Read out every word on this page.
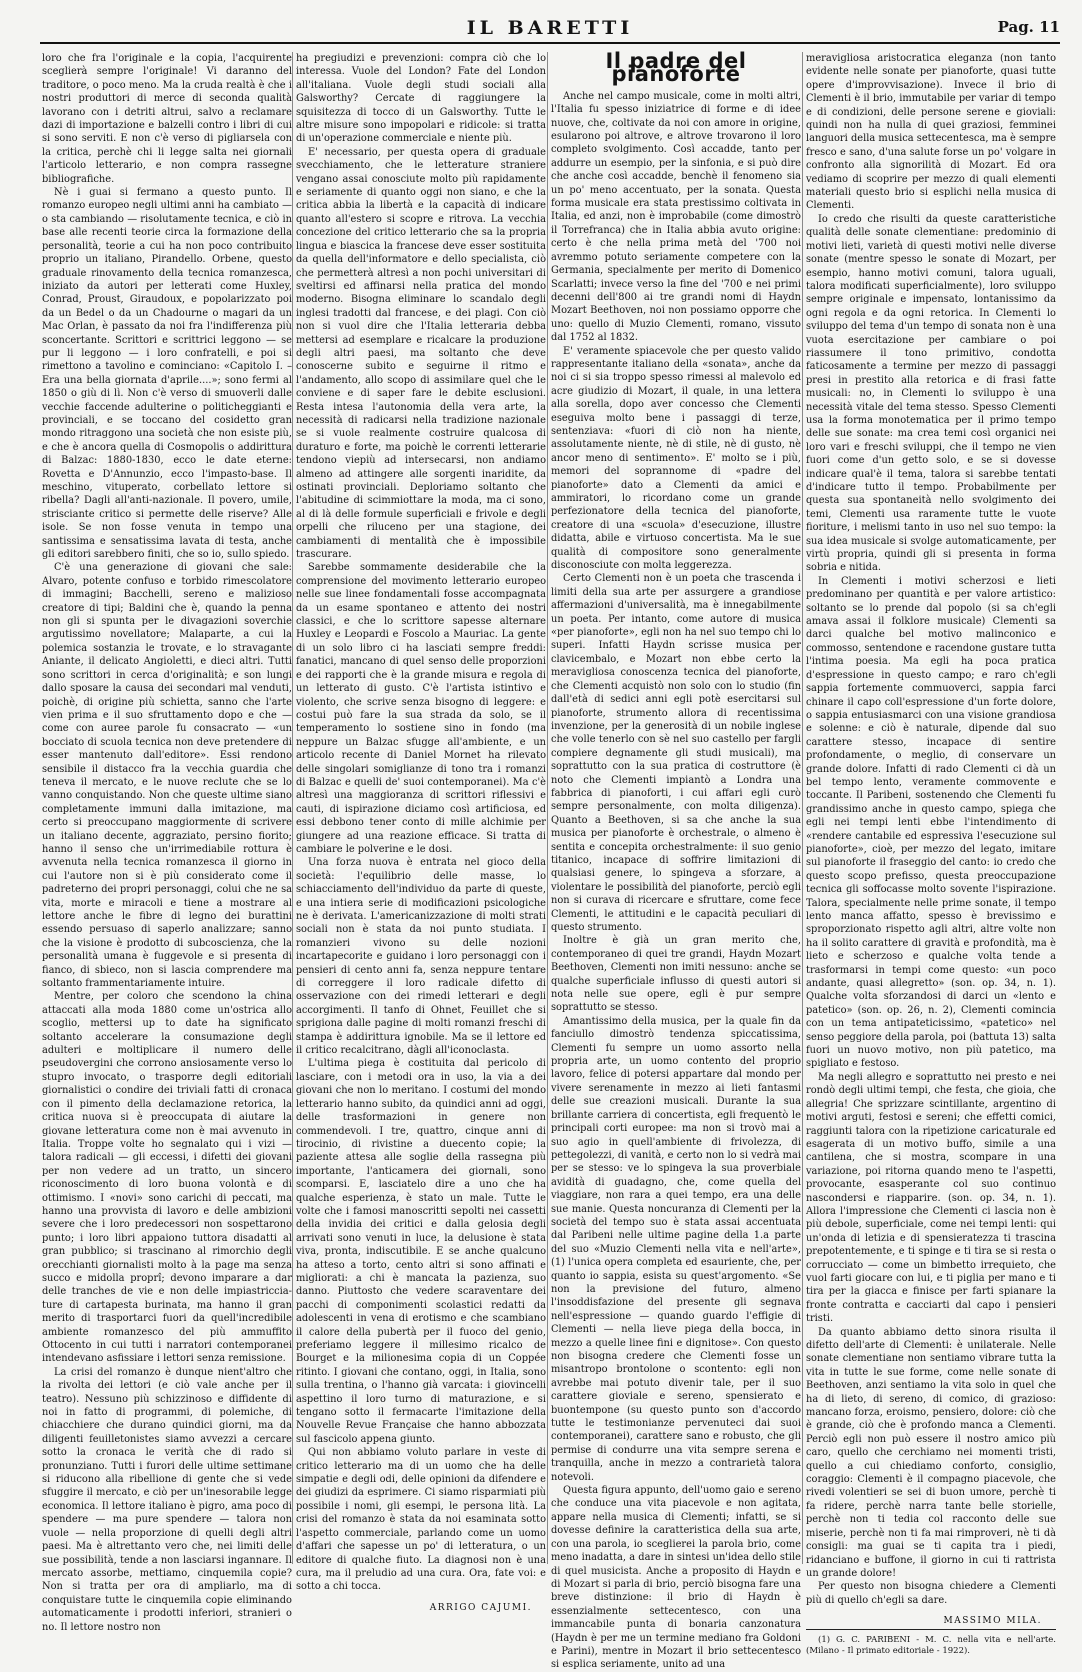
IL BARETTI	Pag. 11

loro che fra l'originale e la copia, l'acquirente sceglierà sempre l'originale! Vi daranno del traditore, o poco meno. Ma la cruda realtà è che i nostri produttori di merce di seconda qualità lavorano con i detriti altrui, salvo a reclamare dazi di importazione e balzelli contro i libri di cui si sono serviti. E non c'è verso di pigliarsela con la critica, perchè chi li legge salta nei giornali l'articolo letterario, e non compra rassegne bibliografiche.

Nè i guai si fermano a questo punto. Il romanzo europeo negli ultimi anni ha cambiato — o sta cambiando — risolutamente tecnica, e ciò in base alle recenti teorie circa la formazione della personalità, teorie a cui ha non poco contribuito proprio un italiano, Pirandello. Orbene, questo graduale rinovamento della tecnica romanzesca, iniziato da autori per letterati come Huxley, Conrad, Proust, Giraudoux, e popolarizzato poi da un Bedel o da un Chadourne o magari da un Mac Orlan, è passato da noi fra l'indifferenza più sconcertante. Scrittori e scrittrici leggono — se pur li leggono — i loro confratelli, e poi si rimettono a tavolino e cominciano: «Capitolo I. – Era una bella giornata d'aprile....»; sono fermi al 1850 o giù di lì. Non c'è verso di smuoverli dalle vecchie faccende adulterine o politicheggianti e provinciali, e se toccano del cosidetto gran mondo ritraggono una società che non esiste più, e che è ancora quella di Cosmopolis o addirittura di Balzac: 1880-1830, ecco le date eterne: Rovetta e D'Annunzio, ecco l'impasto-base. Il meschino, vituperato, corbellato lettore si ribella? Dagli all'anti-nazionale. Il povero, umile, strisciante critico si permette delle riserve? Alle isole. Se non fosse venuta in tempo una santissima e sensatissima lavata di testa, anche gli editori sarebbero finiti, che so io, sullo spiedo.

C'è una generazione di giovani che sale: Alvaro, potente confuso e torbido rimescolatore di immagini; Bacchelli, sereno e malizioso creatore di tipi; Baldini che è, quando la penna non gli si spunta per le divagazioni soverchie argutissimo novellatore; Malaparte, a cui la polemica sostanzia le trovate, e lo stravagante Aniante, il delicato Angioletti, e dieci altri. Tutti sono scrittori in cerca d'originalità; e son lungi dallo sposare la causa dei secondari mal venduti, poichè, di origine più schietta, sanno che l'arte vien prima e il suo sfruttamento dopo e che — come con auree parole fu consacrato — «un bocciato di scuola tecnica non deve pretendere di esser mantenuto dall'editore». Essi rendono sensibile il distacco fra la vecchia guardia che teneva il mercato, e le nuove reclute che se lo vanno conquistando. Non che queste ultime siano completamente immuni dalla imitazione, ma certo si preoccupano maggiormente di scrivere un italiano decente, aggraziato, persino fiorito; hanno il senso che un'irrimediabile rottura è avvenuta nella tecnica romanzesca il giorno in cui l'autore non si è più considerato come il padreterno dei propri personaggi, colui che ne sa vita, morte e miracoli e tiene a mostrare al lettore anche le fibre di legno dei burattini essendo persuaso di saperlo analizzare; sanno che la visione è prodotto di subcoscienza, che la personalità umana è fuggevole e si presenta di fianco, di sbieco, non si lascia comprendere ma soltanto frammentariamente intuire.

Mentre, per coloro che scendono la china attaccati alla moda 1880 come un'ostrica allo scoglio, mettersi up to date ha significato soltanto accelerare la consumazione degli adulteri e moltiplicare il numero delle pseudovergini che corrono ansiosamente verso lo stupro invocato, o trasporre degli editoriali giornalistici o condire dei triviali fatti di cronaca con il pimento della declamazione retorica, la critica nuova si è preoccupata di aiutare la giovane letteratura come non è mai avvenuto in Italia. Troppe volte ho segnalato qui i vizi — talora radicali — gli eccessi, i difetti dei giovani per non vedere ad un tratto, un sincero riconoscimento di loro buona volontà e di ottimismo. I «novi» sono carichi di peccati, ma hanno una provvista di lavoro e delle ambizioni severe che i loro predecessori non sospettarono punto; i loro libri appaiono tuttora disadatti al gran pubblico; si trascinano al rimorchio degli orecchianti giornalisti molto à la page ma senza succo e midolla proprî; devono imparare a dar delle tranches de vie e non delle impiastriccia-ture di cartapesta burinata, ma hanno il gran merito di trasportarci fuori da quell'incredibile ambiente romanzesco del più ammuffito Ottocento in cui tutti i narratori contemporanei intendevano asfissiare i lettori senza remissione.

La crisi del romanzo è dunque nient'altro che la rivolta dei lettori (e ciò vale anche per il teatro). Nessuno più schizzinoso e diffidente di noi in fatto di programmi, di polemiche, di chiacchiere che durano quindici giorni, ma da diligenti feuilletonistes siamo avvezzi a cercare sotto la cronaca le verità che di rado si pronunziano. Tutti i furori delle ultime settimane si riducono alla ribellione di gente che si vede sfuggire il mercato, e ciò per un'inesorabile legge economica. Il lettore italiano è pigro, ama poco di spendere — ma pure spendere — talora non vuole — nella proporzione di quelli degli altri paesi. Ma è altrettanto vero che, nei limiti delle sue possibilità, tende a non lasciarsi ingannare. Il mercato assorbe, mettiamo, cinquemila copie? Non si tratta per ora di ampliarlo, ma di conquistare tutte le cinquemila copie eliminando automaticamente i prodotti inferiori, stranieri o no. Il lettore nostro non

ha pregiudizi e prevenzioni: compra ciò che lo interessa. Vuole del London? Fate del London all'italiana. Vuole degli studi sociali alla Galsworthy? Cercate di raggiungere la squisitezza di tocco di un Galsworthy. Tutte le altre misure sono impopolari e ridicole: si tratta di un'operazione commerciale e niente più.

E' necessario, per questa opera di graduale svecchiamento, che le letterature straniere vengano assai conosciute molto più rapidamente e seriamente di quanto oggi non siano, e che la critica abbia la libertà e la capacità di indicare quanto all'estero si scopre e ritrova. La vecchia concezione del critico letterario che sa la propria lingua e biascica la francese deve esser sostituita da quella dell'informatore e dello specialista, ciò che permetterà altresì a non pochi universitari di sveltirsi ed affinarsi nella pratica del mondo moderno. Bisogna eliminare lo scandalo degli inglesi tradotti dal francese, e dei plagi. Con ciò non si vuol dire che l'Italia letteraria debba mettersi ad esemplare e ricalcare la produzione degli altri paesi, ma soltanto che deve conoscerne subito e seguirne il ritmo e l'andamento, allo scopo di assimilare quel che le conviene e di saper fare le debite esclusioni. Resta intesa l'autonomia della vera arte, la necessità di radicarsi nella tradizione nazionale se si vuole realmente costruire qualcosa di duraturo e forte, ma poichè le correnti letterarie tendono viepiù ad intersecarsi, non andiamo almeno ad attingere alle sorgenti inaridite, da ostinati provinciali. Deploriamo soltanto che l'abitudine di scimmiottare la moda, ma ci sono, al di là delle formule superficiali e frivole e degli orpelli che riluceno per una stagione, dei cambiamenti di mentalità che è impossibile trascurare.

Sarebbe sommamente desiderabile che la comprensione del movimento letterario europeo nelle sue linee fondamentali fosse accompagnata da un esame spontaneo e attento dei nostri classici, e che lo scrittore sapesse alternare Huxley e Leopardi e Foscolo a Mauriac. La gente di un solo libro ci ha lasciati sempre freddi: fanatici, mancano di quel senso delle proporzioni e dei rapporti che è la grande misura e regola di un letterato di gusto. C'è l'artista istintivo e violento, che scrive senza bisogno di leggere: e costui può fare la sua strada da solo, se il temperamento lo sostiene sino in fondo (ma neppure un Balzac sfugge all'ambiente, e un articolo recente di Daniel Mornet ha rilevato delle singolari somiglianze di tono tra i romanzi di Balzac e quelli de' suoi contemporanei). Ma c'è altresì una maggioranza di scrittori riflessivi e cauti, di ispirazione diciamo così artificiosa, ed essi debbono tener conto di mille alchimie per giungere ad una reazione efficace. Si tratta di cambiare le polverine e le dosi.

Una forza nuova è entrata nel gioco della società: l'equilibrio delle masse, lo schiacciamento dell'individuo da parte di queste, e una intiera serie di modificazioni psicologiche ne è derivata. L'americanizzazione di molti strati sociali non è stata da noi punto studiata. I romanzieri vivono su delle nozioni incartapecorite e guidano i loro personaggi con i pensieri di cento anni fa, senza neppure tentare di correggere il loro radicale difetto di osservazione con dei rimedi letterari e degli accorgimenti. Il tanfo di Ohnet, Feuillet che si sprigiona dalle pagine di molti romanzi freschi di stampa è addirittura ignobile. Ma se il lettore ed il critico recalcitrano, dàgli all'iconoclasta.

L'ultima piega è costituita dal pericolo di lasciare, con i metodi ora in uso, la via a dei giovani che non lo meritano. I costumi del mondo letterario hanno subito, da quindici anni ad oggi, delle trasformazioni in genere non commendevoli. I tre, quattro, cinque anni di tirocinio, di rivistine a duecento copie; la paziente attesa alle soglie della rassegna più importante, l'anticamera dei giornali, sono scomparsi. E, lasciatelo dire a uno che ha qualche esperienza, è stato un male. Tutte le volte che i famosi manoscritti sepolti nei cassetti della invidia dei critici e dalla gelosia degli arrivati sono venuti in luce, la delusione è stata viva, pronta, indiscutibile. E se anche qualcuno ha atteso a torto, cento altri si sono affinati e migliorati: a chi è mancata la pazienza, suo danno. Piuttosto che vedere scaraventare dei pacchi di componimenti scolastici redatti da adolescenti in vena di erotismo e che scambiano il calore della pubertà per il fuoco del genio, preferiamo leggere il millesimo ricalco de Bourget e la milionesima copia di un Coppée ritinto. I giovani che contano, oggi, in Italia, sono sulla trentina, o l'hanno già varcata: i giovincelli aspettino il loro turno di maturazione, e si tengano sotto il fermacarte l'imitazione della Nouvelle Revue Française che hanno abbozzata sul fascicolo appena giunto.

Qui non abbiamo voluto parlare in veste di critico letterario ma di un uomo che ha delle simpatie e degli odi, delle opinioni da difendere e dei giudizi da esprimere. Ci siamo risparmiati più possibile i nomi, gli esempi, le persona lità. La crisi del romanzo è stata da noi esaminata sotto l'aspetto commerciale, parlando come un uomo d'affari che sapesse un po' di letteratura, o un editore di qualche fiuto. La diagnosi non è una cura, ma il preludio ad una cura. Ora, fate voi: e sotto a chi tocca.

ARRIGO CAJUMI.
Il padre del pianoforte

Anche nel campo musicale, come in molti altri, l'Italia fu spesso iniziatrice di forme e di idee nuove, che, coltivate da noi con amore in origine, esularono poi altrove, e altrove trovarono il loro completo svolgimento. Così accadde, tanto per addurre un esempio, per la sinfonia, e si può dire che anche così accadde, benchè il fenomeno sia un po' meno accentuato, per la sonata. Questa forma musicale era stata prestissimo coltivata in Italia, ed anzi, non è improbabile (come dimostrò il Torrefranca) che in Italia abbia avuto origine: certo è che nella prima metà del '700 noi avremmo potuto seriamente competere con la Germania, specialmente per merito di Domenico Scarlatti; invece verso la fine del '700 e nei primi decenni dell'800 ai tre grandi nomi di Haydn Mozart Beethoven, noi non possiamo opporre che uno: quello di Muzio Clementi, romano, vissuto dal 1752 al 1832.

E' veramente spiacevole che per questo valido rappresentante italiano della «sonata», anche da noi ci si sia troppo spesso rimessi al malevolo ed acre giudizio di Mozart, il quale, in una lettera alla sorella, dopo aver concesso che Clementi eseguiva molto bene i passaggi di terze, sentenziava: «fuori di ciò non ha niente, assolutamente niente, nè di stile, nè di gusto, nè ancor meno di sentimento». E' molto se i più, memori del soprannome di «padre del pianoforte» dato a Clementi da amici e ammiratori, lo ricordano come un grande perfezionatore della tecnica del pianoforte, creatore di una «scuola» d'esecuzione, illustre didatta, abile e virtuoso concertista. Ma le sue qualità di compositore sono generalmente disconosciute con molta leggerezza.

Certo Clementi non è un poeta che trascenda i limiti della sua arte per assurgere a grandiose affermazioni d'universalità, ma è innegabilmente un poeta. Per intanto, come autore di musica «per pianoforte», egli non ha nel suo tempo chi lo superi. Infatti Haydn scrisse musica per clavicembalo, e Mozart non ebbe certo la meravigliosa conoscenza tecnica del pianoforte, che Clementi acquistò non solo con lo studio (fin dall'età di sedici anni egli potè esercitarsi sul pianoforte, strumento allora di recentissima invenzione, per la generosità di un nobile inglese che volle tenerlo con sè nel suo castello per fargli compiere degnamente gli studi musicali), ma soprattutto con la sua pratica di costruttore (è noto che Clementi impiantò a Londra una fabbrica di pianoforti, i cui affari egli curò sempre personalmente, con molta diligenza). Quanto a Beethoven, si sa che anche la sua musica per pianoforte è orchestrale, o almeno è sentita e concepita orchestralmente: il suo genio titanico, incapace di soffrire limitazioni di qualsiasi genere, lo spingeva a sforzare, a violentare le possibilità del pianoforte, perciò egli non si curava di ricercare e sfruttare, come fece Clementi, le attitudini e le capacità peculiari di questo strumento.

Inoltre è già un gran merito che, contemporaneo di quei tre grandi, Haydn Mozart Beethoven, Clementi non imiti nessuno: anche se qualche superficiale influsso di questi autori si nota nelle sue opere, egli è pur sempre soprattutto se stesso.

Amantissimo della musica, per la quale fin da fanciullo dimostrò tendenza spiccatissima, Clementi fu sempre un uomo assorto nella propria arte, un uomo contento del proprio lavoro, felice di potersi appartare dal mondo per vivere serenamente in mezzo ai lieti fantasmi delle sue creazioni musicali. Durante la sua brillante carriera di concertista, egli frequentò le principali corti europee: ma non si trovò mai a suo agio in quell'ambiente di frivolezza, di pettegolezzi, di vanità, e certo non lo si vedrà mai per se stesso: ve lo spingeva la sua proverbiale avidità di guadagno, che, come quella del viaggiare, non rara a quei tempo, era una delle sue manie. Questa noncuranza di Clementi per la società del tempo suo è stata assai accentuata dal Paribeni nelle ultime pagine della 1.a parte del suo «Muzio Clementi nella vita e nell'arte», (1) l'unica opera completa ed esauriente, che, per quanto io sappia, esista su quest'argomento. «Se non la previsione del futuro, almeno l'insoddisfazione del presente gli segnava nell'espressione — quando guardo l'effigie di Clementi — nella lieve piega della bocca, in mezzo a quelle linee fini e dignitose». Con questo non bisogna credere che Clementi fosse un misantropo brontolone o scontento: egli non avrebbe mai potuto divenir tale, per il suo carattere gioviale e sereno, spensierato e buontempone (su questo punto son d'accordo tutte le testimonianze pervenuteci dai suoi contemporanei), carattere sano e robusto, che gli permise di condurre una vita sempre serena e tranquilla, anche in mezzo a contrarietà talora notevoli.

Questa figura appunto, dell'uomo gaio e sereno che conduce una vita piacevole e non agitata, appare nella musica di Clementi; infatti, se si dovesse definire la caratteristica della sua arte, con una parola, io sceglierei la parola brio, come meno inadatta, a dare in sintesi un'idea dello stile di quel musicista. Anche a proposito di Haydn e di Mozart si parla di brio, perciò bisogna fare una breve distinzione: il brio di Haydn è essenzialmente settecentesco, con una immancabile punta di bonaria canzonatura (Haydn è per me un termine mediano fra Goldoni e Parini), mentre in Mozart il brio settecentesco si esplica seriamente, unito ad una

meravigliosa aristocratica eleganza (non tanto evidente nelle sonate per pianoforte, quasi tutte opere d'improvvisazione). Invece il brio di Clementi è il brio, immutabile per variar di tempo e di condizioni, delle persone serene e gioviali: quindi non ha nulla di quei graziosi, femminei languori della musica settecentesca, ma è sempre fresco e sano, d'una salute forse un po' volgare in confronto alla signorilità di Mozart. Ed ora vediamo di scoprire per mezzo di quali elementi materiali questo brio si esplichi nella musica di Clementi.

Io credo che risulti da queste caratteristiche qualità delle sonate clementiane: predominio di motivi lieti, varietà di questi motivi nelle diverse sonate (mentre spesso le sonate di Mozart, per esempio, hanno motivi comuni, talora uguali, talora modificati superficialmente), loro sviluppo sempre originale e impensato, lontanissimo da ogni regola e da ogni retorica. In Clementi lo sviluppo del tema d'un tempo di sonata non è una vuota esercitazione per cambiare o poi riassumere il tono primitivo, condotta faticosamente a termine per mezzo di passaggi presi in prestito alla retorica e di frasi fatte musicali: no, in Clementi lo sviluppo è una necessità vitale del tema stesso. Spesso Clementi usa la forma monotematica per il primo tempo delle sue sonate: ma crea temi così organici nei loro vari e freschi sviluppi, che il tempo ne vien fuori come d'un getto solo, e se si dovesse indicare qual'è il tema, talora si sarebbe tentati d'indicare tutto il tempo. Probabilmente per questa sua spontaneità nello svolgimento dei temi, Clementi usa raramente tutte le vuote fioriture, i melismi tanto in uso nel suo tempo: la sua idea musicale si svolge automaticamente, per virtù propria, quindi gli si presenta in forma sobria e nitida.

In Clementi i motivi scherzosi e lieti predominano per quantità e per valore artistico: soltanto se lo prende dal popolo (si sa ch'egli amava assai il folklore musicale) Clementi sa darci qualche bel motivo malinconico e commosso, sentendone e racendone gustare tutta l'intima poesia. Ma egli ha poca pratica d'espressione in questo campo; e raro ch'egli sappia fortemente commuoverci, sappia farci chinare il capo coll'espressione d'un forte dolore, o sappia entusiasmarci con una visione grandiosa e solenne: e ciò è naturale, dipende dal suo carattere stesso, incapace di sentire profondamente, o meglio, di conservare un grande dolore. Infatti di rado Clementi ci dà un bel tempo lento, veramente commovente e toccante. Il Paribeni, sostenendo che Clementi fu grandissimo anche in questo campo, spiega che egli nei tempi lenti ebbe l'intendimento di «rendere cantabile ed espressiva l'esecuzione sul pianoforte», cioè, per mezzo del legato, imitare sul pianoforte il fraseggio del canto: io credo che questo scopo prefisso, questa preoccupazione tecnica gli soffocasse molto sovente l'ispirazione. Talora, specialmente nelle prime sonate, il tempo lento manca affatto, spesso è brevissimo e sproporzionato rispetto agli altri, altre volte non ha il solito carattere di gravità e profondità, ma è lieto e scherzoso e qualche volta tende a trasformarsi in tempi come questo: «un poco andante, quasi allegretto» (son. op. 34, n. 1). Qualche volta sforzandosi di darci un «lento e patetico» (son. op. 26, n. 2), Clementi comincia con un tema antipateticissimo, «patetico» nel senso peggiore della parola, poi (battuta 13) salta fuori un nuovo motivo, non più patetico, ma spigliato e festoso.

Ma negli allegro e soprattutto nei presto e nei rondò degli ultimi tempi, che festa, che gioia, che allegria! Che sprizzare scintillante, argentino di motivi arguti, festosi e sereni; che effetti comici, raggiunti talora con la ripetizione caricaturale ed esagerata di un motivo buffo, simile a una cantilena, che si mostra, scompare in una variazione, poi ritorna quando meno te l'aspetti, provocante, esasperante col suo continuo nascondersi e riapparire. (son. op. 34, n. 1). Allora l'impressione che Clementi ci lascia non è più debole, superficiale, come nei tempi lenti: qui un'onda di letizia e di spensieratezza ti trascina prepotentemente, e ti spinge e ti tira se si resta o corrucciato — come un bimbetto irrequieto, che vuol farti giocare con lui, e ti piglia per mano e ti tira per la giacca e finisce per farti spianare la fronte contratta e cacciarti dal capo i pensieri tristi.

Da quanto abbiamo detto sinora risulta il difetto dell'arte di Clementi: è unilaterale. Nelle sonate clementiane non sentiamo vibrare tutta la vita in tutte le sue forme, come nelle sonate di Beethoven, anzi sentiamo la vita solo in quel che ha di lieto, di sereno, di comico, di grazioso: mancano forza, eroismo, pensiero, dolore: ciò che è grande, ciò che è profondo manca a Clementi. Perciò egli non può essere il nostro amico più caro, quello che cerchiamo nei momenti tristi, quello a cui chiediamo conforto, consiglio, coraggio: Clementi è il compagno piacevole, che rivedi volentieri se sei di buon umore, perchè ti fa ridere, perchè narra tante belle storielle, perchè non ti tedia col racconto delle sue miserie, perchè non ti fa mai rimproveri, nè ti dà consigli: ma guai se ti capita tra i piedi, ridanciano e buffone, il giorno in cui ti rattrista un grande dolore!

Per questo non bisogna chiedere a Clementi più di quello ch'egli sa dare.

MASSIMO MILA.

(1) G. C. PARIBENI - M. C. nella vita e nell'arte. (Milano - Il primato editoriale - 1922).
